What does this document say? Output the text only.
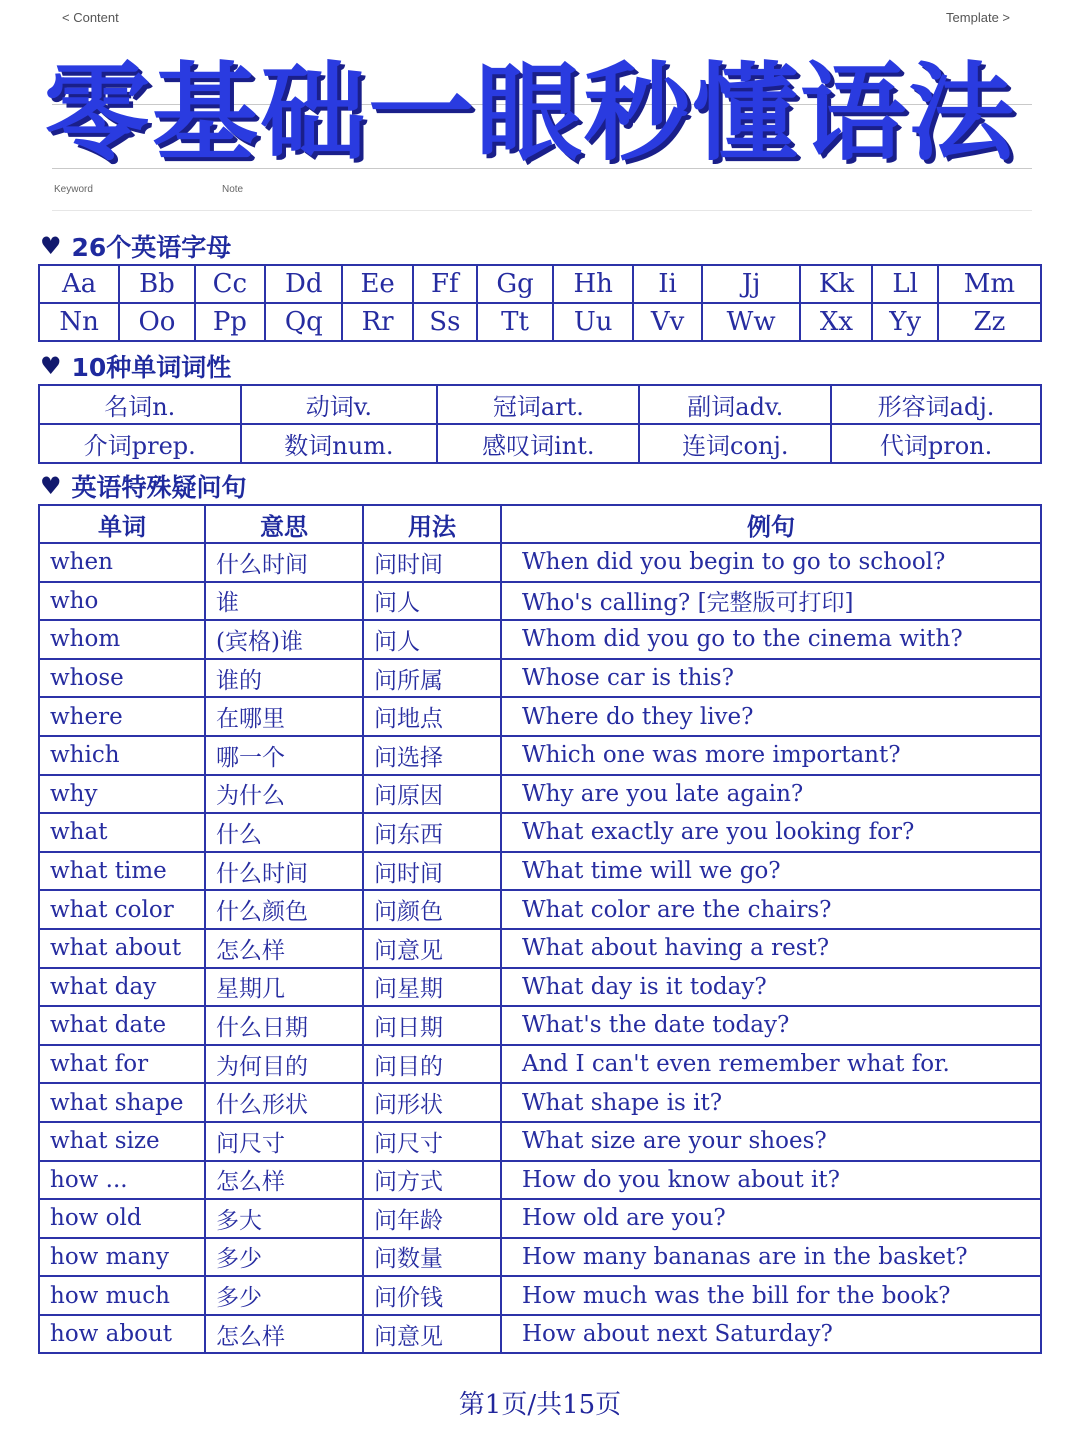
< Content	Template >
零基础一眼秒懂语法
Keyword	Note
♥ 26个英语字母
Aa	Bb	Cc	Dd	Ee	Ff	Gg	Hh	Ii	Jj	Kk	Ll	Mm
Nn	Oo	Pp	Qq	Rr	Ss	Tt	Uu	Vv	Ww	Xx	Yy	Zz
♥ 10种单词词性
名词n.	动词v.	冠词art.	副词adv.	形容词adj.
介词prep.	数词num.	感叹词int.	连词conj.	代词pron.
♥ 英语特殊疑问句
单词	意思	用法	例句
when	什么时间	问时间	When did you begin to go to school?
who	谁	问人	Who's calling? [完整版可打印]
whom	(宾格)谁	问人	Whom did you go to the cinema with?
whose	谁的	问所属	Whose car is this?
where	在哪里	问地点	Where do they live?
which	哪一个	问选择	Which one was more important?
why	为什么	问原因	Why are you late again?
what	什么	问东西	What exactly are you looking for?
what time	什么时间	问时间	What time will we go?
what color	什么颜色	问颜色	What color are the chairs?
what about	怎么样	问意见	What about having a rest?
what day	星期几	问星期	What day is it today?
what date	什么日期	问日期	What's the date today?
what for	为何目的	问目的	And I can't even remember what for.
what shape	什么形状	问形状	What shape is it?
what size	问尺寸	问尺寸	What size are your shoes?
how ...	怎么样	问方式	How do you know about it?
how old	多大	问年龄	How old are you?
how many	多少	问数量	How many bananas are in the basket?
how much	多少	问价钱	How much was the bill for the book?
how about	怎么样	问意见	How about next Saturday?
第1页/共15页
